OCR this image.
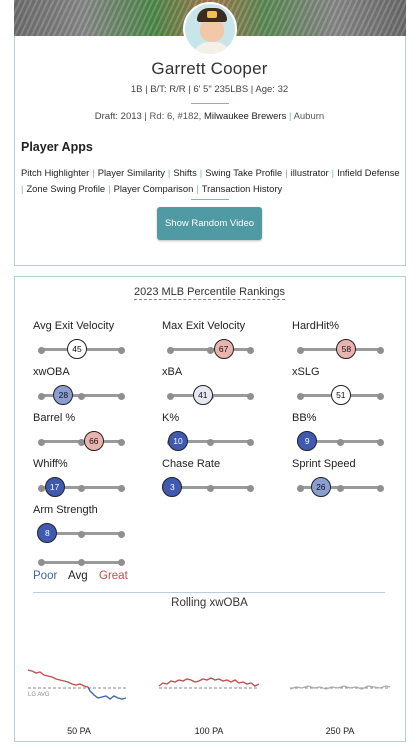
Garrett Cooper
1B | B/T: R/R | 6' 5" 235LBS | Age: 32
Draft: 2013 | Rd: 6, #182, Milwaukee Brewers | Auburn
Player Apps
Pitch Highlighter | Player Similarity | Shifts | Swing Take Profile | illustrator | Infield Defense
| Zone Swing Profile | Player Comparison | Transaction History
Show Random Video
2023 MLB Percentile Rankings
Avg Exit Velocity
45
Max Exit Velocity
67
HardHit%
58
xwOBA
28
xBA
41
xSLG
51
Barrel %
66
K%
10
BB%
9
Whiff%
17
Chase Rate
3
Sprint Speed
26
Arm Strength
8
Poor Avg Great
Rolling xwOBA
LG AVG
50 PA	100 PA	250 PA
